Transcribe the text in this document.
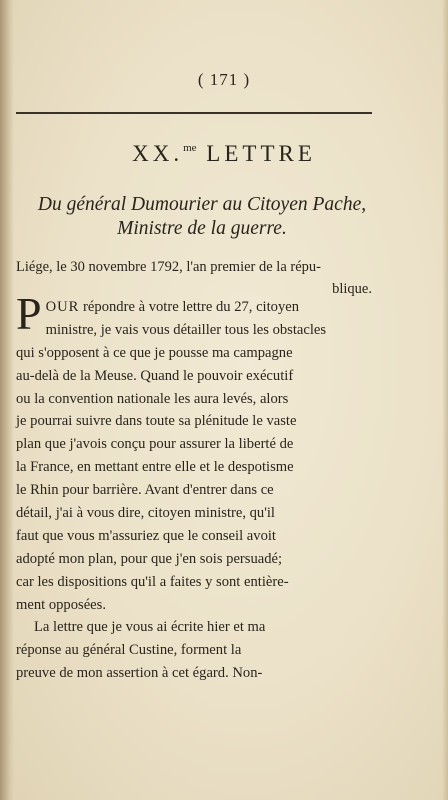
( 171 )
XX.$^{me}$ LETTRE
Du général Dumourier au Citoyen Pache,
Ministre de la guerre.
Liége, le 30 novembre 1792, l'an premier de la répu-
blique.
P OUR répondre à votre lettre du 27, citoyen
ministre, je vais vous détailler tous les obstacles
qui s'opposent à ce que je pousse ma campagne
au-delà de la Meuse. Quand le pouvoir exécutif
ou la convention nationale les aura levés, alors
je pourrai suivre dans toute sa plénitude le vaste
plan que j'avois conçu pour assurer la liberté de
la France, en mettant entre elle et le despotisme
le Rhin pour barrière. Avant d'entrer dans ce
détail, j'ai à vous dire, citoyen ministre, qu'il
faut que vous m'assuriez que le conseil avoit
adopté mon plan, pour que j'en sois persuadé;
car les dispositions qu'il a faites y sont entière-
ment opposées.
La lettre que je vous ai écrite hier et ma
réponse au général Custine, forment la
preuve de mon assertion à cet égard. Non-
